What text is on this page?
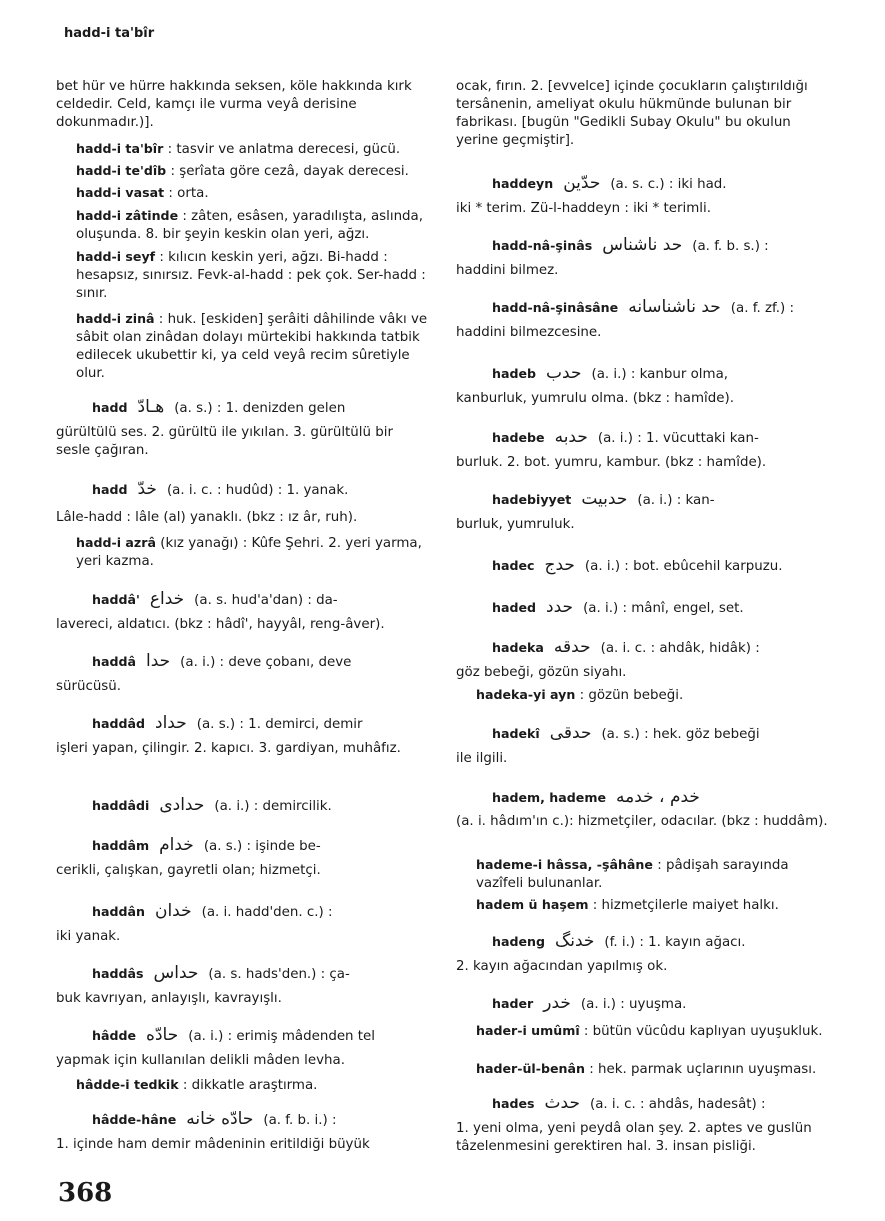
hadd-i ta'bîr
bet hür ve hürre hakkında seksen, köle hakkında kırk celdedir. Celd, kamçı ile vurma veyâ derisine dokunmadır.)].
hadd-i ta'bîr : tasvir ve anlatma derecesi, gücü.
hadd-i te'dîb : şerîata göre cezâ, dayak derecesi.
hadd-i vasat : orta.
hadd-i zâtinde : zâten, esâsen, yaradılışta, aslında, oluşunda. 8. bir şeyin keskin olan yeri, ağzı.
hadd-i seyf : kılıcın keskin yeri, ağzı. Bi-hadd : hesapsız, sınırsız. Fevk-al-hadd : pek çok. Ser-hadd : sınır.
hadd-i zinâ : huk. [eskiden] şerâiti dâhilinde vâkı ve sâbit olan zinâdan dolayı mürtekibi hakkında tatbik edilecek ukubettir ki, ya celd veyâ recim sûretiyle olur.
hadd هـادّ (a. s.) : 1. denizden gelen
gürültülü ses. 2. gürültü ile yıkılan. 3. gürültülü bir sesle çağıran.
hadd خدّ (a. i. c. : hudûd) : 1. yanak.
Lâle-hadd : lâle (al) yanaklı. (bkz : ız âr, ruh).
hadd-i azrâ (kız yanağı) : Kûfe Şehri. 2. yeri yarma, yeri kazma.
haddâ' خداع (a. s. hud'a'dan) : da-
lavereci, aldatıcı. (bkz : hâdî', hayyâl, reng-âver).
haddâ حدا (a. i.) : deve çobanı, deve
sürücüsü.
haddâd حداد (a. s.) : 1. demirci, demir
işleri yapan, çilingir. 2. kapıcı. 3. gardiyan, muhâfız.
haddâdi حدادی (a. i.) : demircilik.
haddâm خدام (a. s.) : işinde be-
cerikli, çalışkan, gayretli olan; hizmetçi.
haddân خدان (a. i. hadd'den. c.) :
iki yanak.
haddâs حداس (a. s. hads'den.) : ça-
buk kavrıyan, anlayışlı, kavrayışlı.
hâdde حادّه (a. i.) : erimiş mâdenden tel
yapmak için kullanılan delikli mâden levha.
hâdde-i tedkik : dikkatle araştırma.
hâdde-hâne حادّه خانه (a. f. b. i.) :
1. içinde ham demir mâdeninin eritildiği büyük
ocak, fırın. 2. [evvelce] içinde çocukların çalıştırıldığı tersânenin, ameliyat okulu hükmünde bulunan bir fabrikası. [bugün "Gedikli Subay Okulu" bu okulun yerine geçmiştir].
haddeyn حدّين (a. s. c.) : iki had.
iki * terim. Zü-l-haddeyn : iki * terimli.
hadd-nâ-şinâs حد ناشناس (a. f. b. s.) :
haddini bilmez.
hadd-nâ-şinâsâne حد ناشناسانه (a. f. zf.) :
haddini bilmezcesine.
hadeb حدب (a. i.) : kanbur olma,
kanburluk, yumrulu olma. (bkz : hamîde).
hadebe حدبه (a. i.) : 1. vücuttaki kan-
burluk. 2. bot. yumru, kambur. (bkz : hamîde).
hadebiyyet حدبيت (a. i.) : kan-
burluk, yumruluk.
hadec حدج (a. i.) : bot. ebûcehil karpuzu.
haded حدد (a. i.) : mânî, engel, set.
hadeka حدقه (a. i. c. : ahdâk, hidâk) :
göz bebeği, gözün siyahı.
hadeka-yi ayn : gözün bebeği.
hadekî حدقى (a. s.) : hek. göz bebeği
ile ilgili.
hadem, hademe خدم ، خدمه
(a. i. hâdım'ın c.): hizmetçiler, odacılar. (bkz : huddâm).
hademe-i hâssa, -şâhâne : pâdişah sarayında vazîfeli bulunanlar.
hadem ü haşem : hizmetçilerle maiyet halkı.
hadeng خدنگ (f. i.) : 1. kayın ağacı.
2. kayın ağacından yapılmış ok.
hader خدر (a. i.) : uyuşma.
hader-i umûmî : bütün vücûdu kaplıyan uyuşukluk.
hader-ül-benân : hek. parmak uçlarının uyuşması.
hades حدث (a. i. c. : ahdâs, hadesât) :
1. yeni olma, yeni peydâ olan şey. 2. aptes ve guslün tâzelenmesini gerektiren hal. 3. insan pisliği.
368
